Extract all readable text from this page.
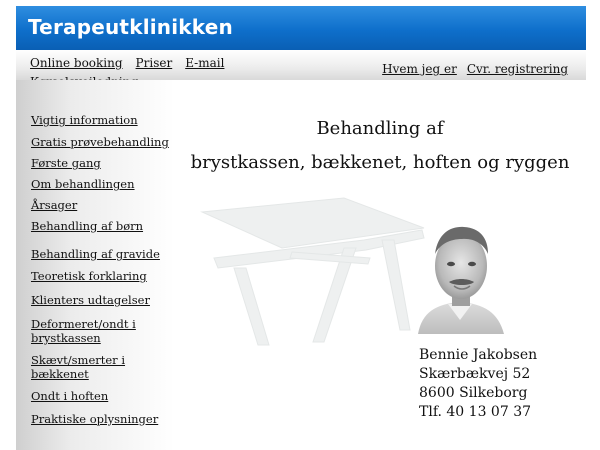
Terapeutklinikken
Online booking Priser E-mail	Hvem jeg er Cvr. registrering
Vigtig information
Gratis prøvebehandling
Første gang
Om behandlingen
Årsager
Behandling af børn
Behandling af gravide
Teoretisk forklaring
Klienters udtagelser
Deformeret/ondt i brystkassen
Skævt/smerter i bækkenet
Ondt i hoften
Praktiske oplysninger
Behandling af
brystkassen, bækkenet, hoften og ryggen
Bennie Jakobsen
Skærbækvej 52
8600 Silkeborg
Tlf. 40 13 07 37
